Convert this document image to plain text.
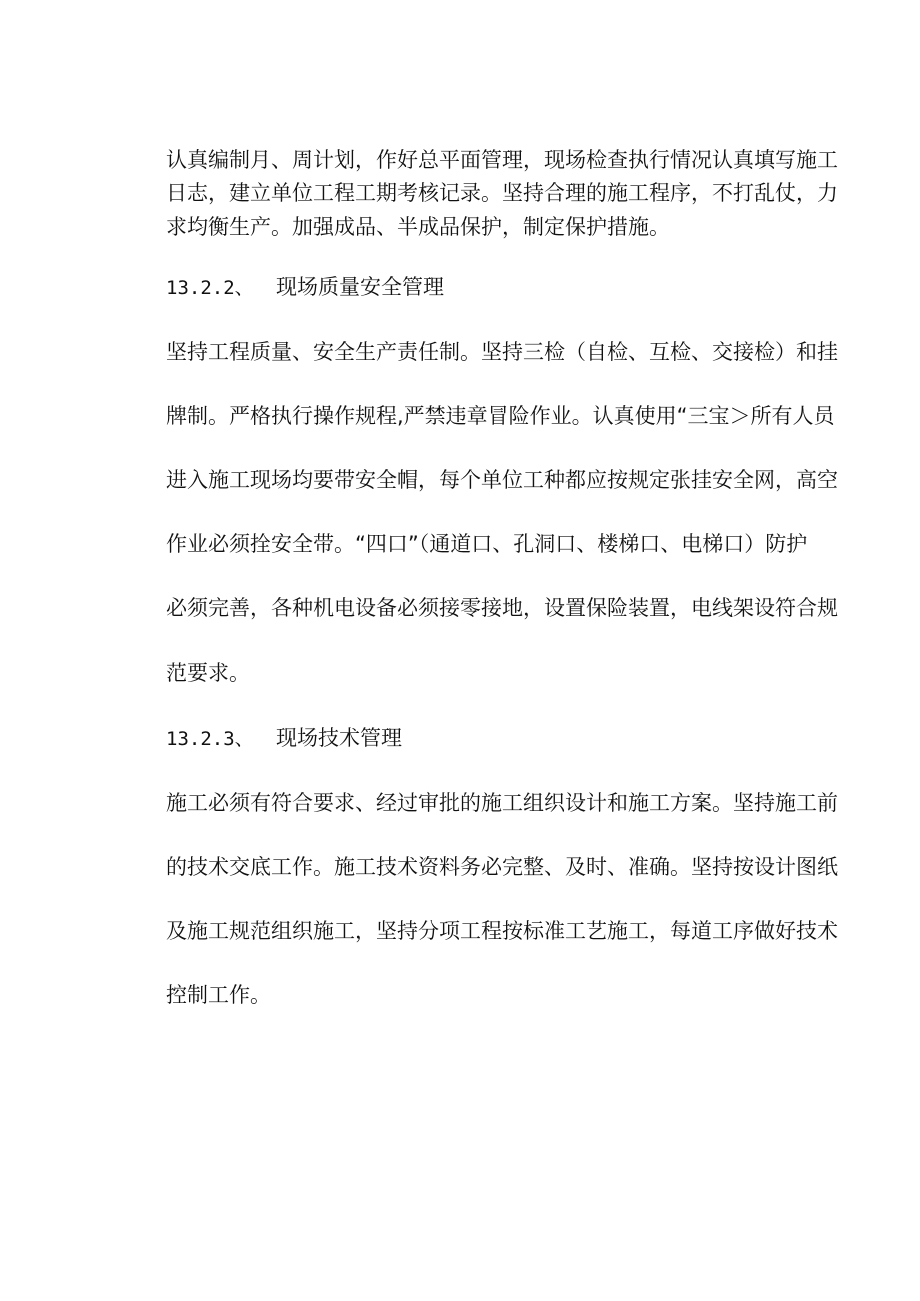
认真编制月、周计划，作好总平面管理，现场检查执行情况认真填写施工

日志，建立单位工程工期考核记录。坚持合理的施工程序，不打乱仗，力

求均衡生产。加强成品、半成品保护，制定保护措施。

13.2.2、 现场质量安全管理

坚持工程质量、安全生产责任制。坚持三检（自检、互检、交接检）和挂

牌制。严格执行操作规程,严禁违章冒险作业。认真使用“三宝＞所有人员

进入施工现场均要带安全帽，每个单位工种都应按规定张挂安全网，高空

作业必须拴安全带。“四口”（通道口、孔洞口、楼梯口、电梯口）防护

必须完善，各种机电设备必须接零接地，设置保险装置，电线架设符合规

范要求。

13.2.3、 现场技术管理

施工必须有符合要求、经过审批的施工组织设计和施工方案。坚持施工前

的技术交底工作。施工技术资料务必完整、及时、准确。坚持按设计图纸

及施工规范组织施工，坚持分项工程按标准工艺施工，每道工序做好技术

控制工作。
